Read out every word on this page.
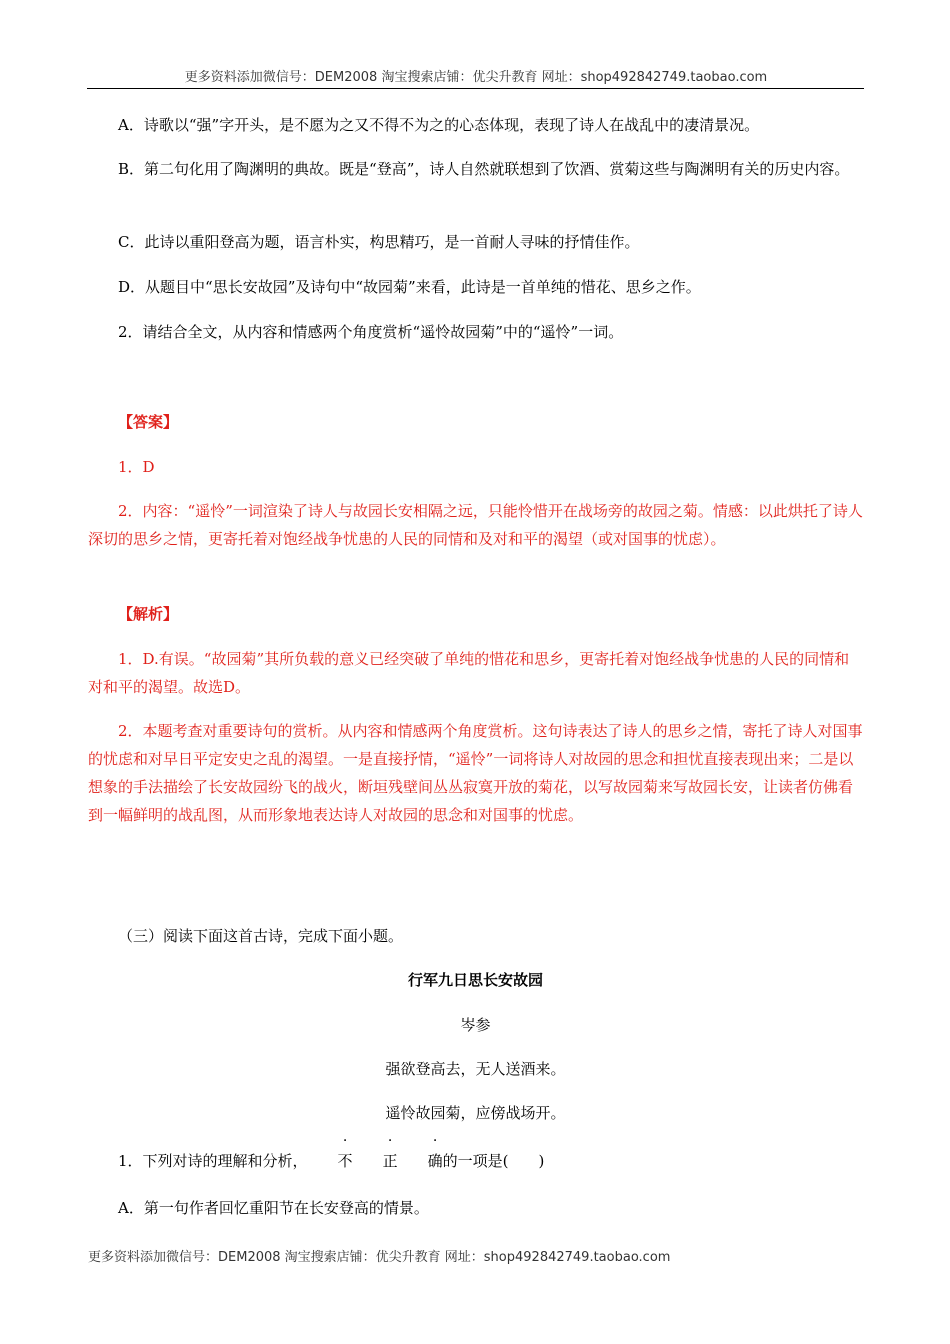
更多资料添加微信号：DEM2008 淘宝搜索店铺：优尖升教育 网址：shop492842749.taobao.com

A．诗歌以“强”字开头，是不愿为之又不得不为之的心态体现，表现了诗人在战乱中的凄清景况。

B．第二句化用了陶渊明的典故。既是“登高”，诗人自然就联想到了饮酒、赏菊这些与陶渊明有关的历史内容。

C．此诗以重阳登高为题，语言朴实，构思精巧，是一首耐人寻味的抒情佳作。

D．从题目中“思长安故园”及诗句中“故园菊”来看，此诗是一首单纯的惜花、思乡之作。

2．请结合全文，从内容和情感两个角度赏析“遥怜故园菊”中的“遥怜”一词。

【答案】

1．D

2．内容：“遥怜”一词渲染了诗人与故园长安相隔之远，只能怜惜开在战场旁的故园之菊。情感：以此烘托了诗人深切的思乡之情，更寄托着对饱经战争忧患的人民的同情和及对和平的渴望（或对国事的忧虑）。

【解析】

1．D.有误。“故园菊”其所负载的意义已经突破了单纯的惜花和思乡，更寄托着对饱经战争忧患的人民的同情和对和平的渴望。故选D。

2．本题考查对重要诗句的赏析。从内容和情感两个角度赏析。这句诗表达了诗人的思乡之情，寄托了诗人对国事的忧虑和对早日平定安史之乱的渴望。一是直接抒情，“遥怜”一词将诗人对故园的思念和担忧直接表现出来；二是以想象的手法描绘了长安故园纷飞的战火，断垣残壁间丛丛寂寞开放的菊花，以写故园菊来写故园长安，让读者仿佛看到一幅鲜明的战乱图，从而形象地表达诗人对故园的思念和对国事的忧虑。

（三）阅读下面这首古诗，完成下面小题。

行军九日思长安故园

岑参

强欲登高去，无人送酒来。

遥怜故园菊，应傍战场开。

1．下列对诗的理解和分析， 不 正 确的一项是(　　)

A．第一句作者回忆重阳节在长安登高的情景。

更多资料添加微信号：DEM2008 淘宝搜索店铺：优尖升教育 网址：shop492842749.taobao.com
